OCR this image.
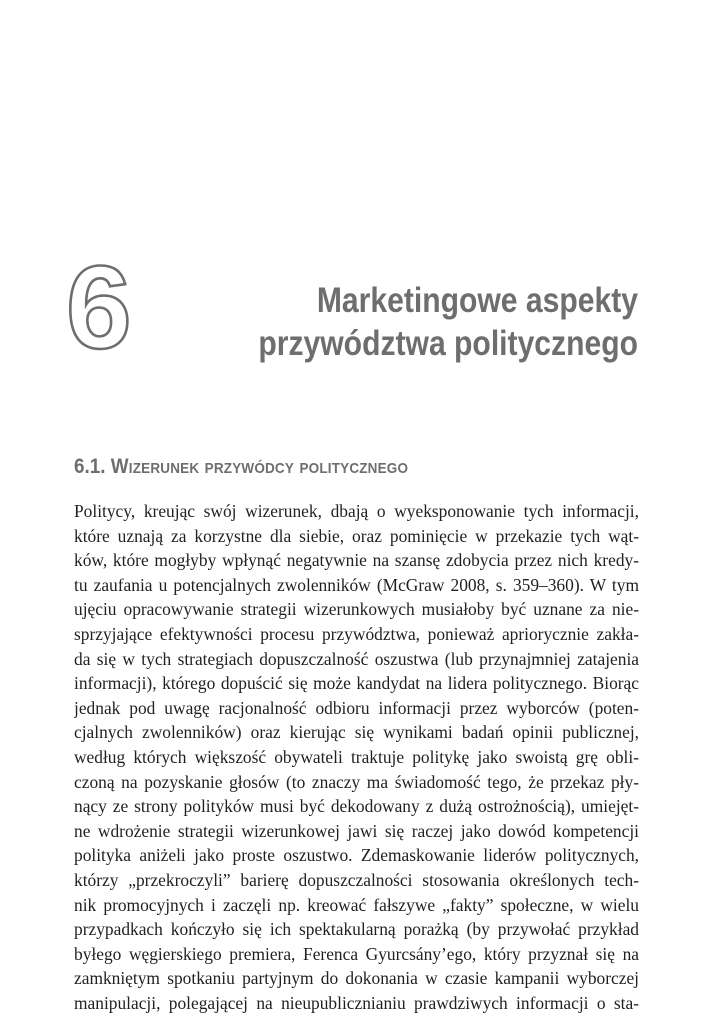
6	Marketingowe aspekty
przywództwa politycznego
6.1. Wizerunek przywódcy politycznego
Politycy, kreując swój wizerunek, dbają o wyeksponowanie tych informacji,
które uznają za korzystne dla siebie, oraz pominięcie w przekazie tych wąt-
ków, które mogłyby wpłynąć negatywnie na szansę zdobycia przez nich kredy-
tu zaufania u potencjalnych zwolenników (McGraw 2008, s. 359–360). W tym
ujęciu opracowywanie strategii wizerunkowych musiałoby być uznane za nie-
sprzyjające efektywności procesu przywództwa, ponieważ apriorycznie zakła-
da się w tych strategiach dopuszczalność oszustwa (lub przynajmniej zatajenia
informacji), którego dopuścić się może kandydat na lidera politycznego. Biorąc
jednak pod uwagę racjonalność odbioru informacji przez wyborców (poten-
cjalnych zwolenników) oraz kierując się wynikami badań opinii publicznej,
według których większość obywateli traktuje politykę jako swoistą grę obli-
czoną na pozyskanie głosów (to znaczy ma świadomość tego, że przekaz pły-
nący ze strony polityków musi być dekodowany z dużą ostrożnością), umiejęt-
ne wdrożenie strategii wizerunkowej jawi się raczej jako dowód kompetencji
polityka aniżeli jako proste oszustwo. Zdemaskowanie liderów politycznych,
którzy „przekroczyli” barierę dopuszczalności stosowania określonych tech-
nik promocyjnych i zaczęli np. kreować fałszywe „fakty” społeczne, w wielu
przypadkach kończyło się ich spektakularną porażką (by przywołać przykład
byłego węgierskiego premiera, Ferenca Gyurcsány’ego, który przyznał się na
zamkniętym spotkaniu partyjnym do dokonania w czasie kampanii wyborczej
manipulacji, polegającej na nieupublicznianiu prawdziwych informacji o sta-
